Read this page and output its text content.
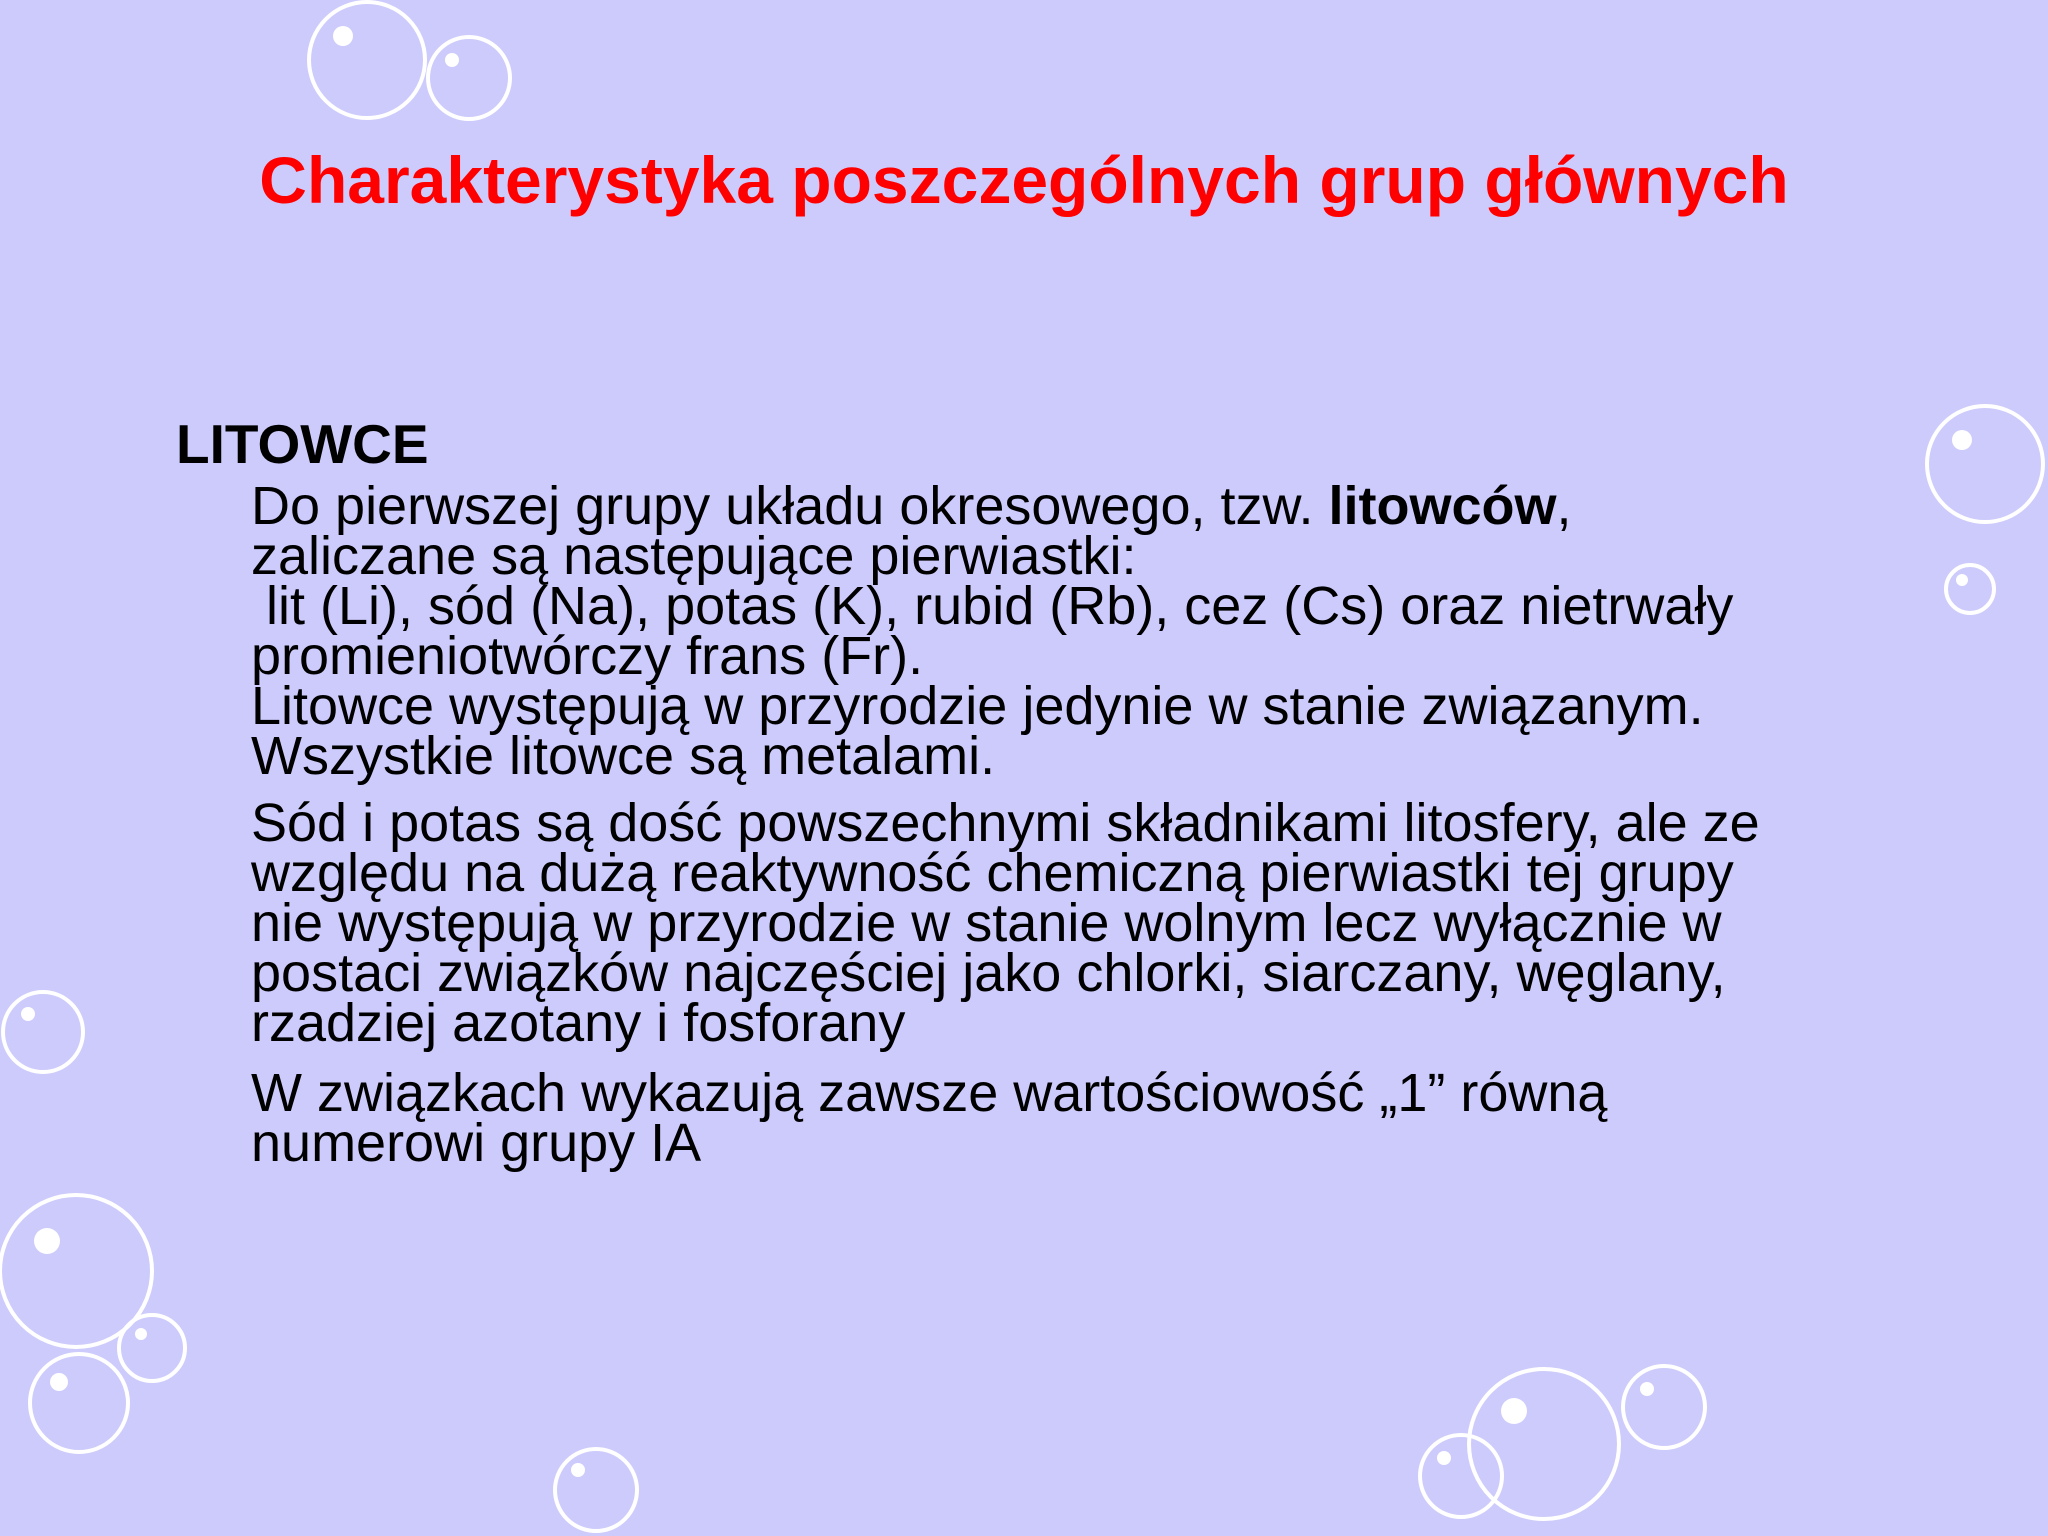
Charakterystyka poszczególnych grup głównych
LITOWCE
Do pierwszej grupy układu okresowego, tzw. litowców,
zaliczane są następujące pierwiastki:
lit (Li), sód (Na), potas (K), rubid (Rb), cez (Cs) oraz nietrwały
promieniotwórczy frans (Fr).
Litowce występują w przyrodzie jedynie w stanie związanym.
Wszystkie litowce są metalami.
Sód i potas są dość powszechnymi składnikami litosfery, ale ze
względu na dużą reaktywność chemiczną pierwiastki tej grupy
nie występują w przyrodzie w stanie wolnym lecz wyłącznie w
postaci związków najczęściej jako chlorki, siarczany, węglany,
rzadziej azotany i fosforany
W związkach wykazują zawsze wartościowość „1” równą
numerowi grupy IA
